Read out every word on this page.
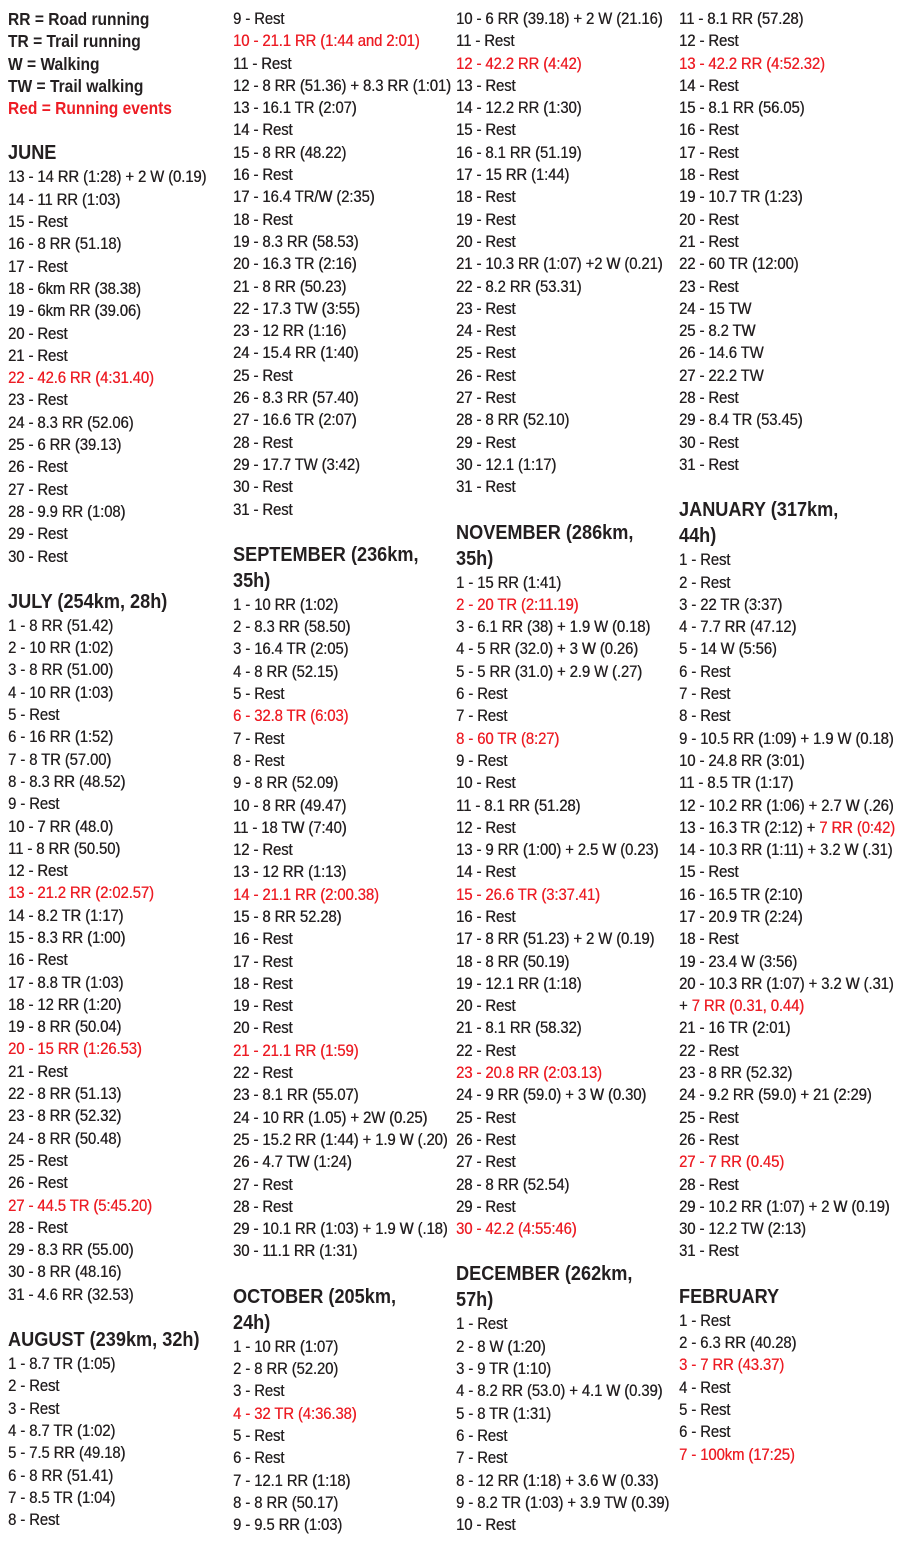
RR = Road running
TR = Trail running
W = Walking
TW = Trail walking
Red = Running events
JUNE
13 - 14 RR (1:28) + 2 W (0.19)
14 - 11 RR (1:03)
15 - Rest
16 - 8 RR (51.18)
17 - Rest
18 - 6km RR (38.38)
19 - 6km RR (39.06)
20 - Rest
21 - Rest
22 - 42.6 RR (4:31.40)
23 - Rest
24 - 8.3 RR (52.06)
25 - 6 RR (39.13)
26 - Rest
27 - Rest
28 - 9.9 RR (1:08)
29 - Rest
30 - Rest
JULY (254km, 28h)
1 - 8 RR (51.42)
2 - 10 RR (1:02)
3 - 8 RR (51.00)
4 - 10 RR (1:03)
5 - Rest
6 - 16 RR (1:52)
7 - 8 TR (57.00)
8 - 8.3 RR (48.52)
9 - Rest
10 - 7 RR (48.0)
11 - 8 RR (50.50)
12 - Rest
13 - 21.2 RR (2:02.57)
14 - 8.2 TR (1:17)
15 - 8.3 RR (1:00)
16 - Rest
17 - 8.8 TR (1:03)
18 - 12 RR (1:20)
19 - 8 RR (50.04)
20 - 15 RR (1:26.53)
21 - Rest
22 - 8 RR (51.13)
23 - 8 RR (52.32)
24 - 8 RR (50.48)
25 - Rest
26 - Rest
27 - 44.5 TR (5:45.20)
28 - Rest
29 - 8.3 RR (55.00)
30 - 8 RR (48.16)
31 - 4.6 RR (32.53)
AUGUST (239km, 32h)
1 - 8.7 TR (1:05)
2 - Rest
3 - Rest
4 - 8.7 TR (1:02)
5 - 7.5 RR (49.18)
6 - 8 RR (51.41)
7 - 8.5 TR (1:04)
8 - Rest
9 - Rest
10 - 21.1 RR (1:44 and 2:01)
11 - Rest
12 - 8 RR (51.36) + 8.3 RR (1:01)
13 - 16.1 TR (2:07)
14 - Rest
15 - 8 RR (48.22)
16 - Rest
17 - 16.4 TR/W (2:35)
18 - Rest
19 - 8.3 RR (58.53)
20 - 16.3 TR (2:16)
21 - 8 RR (50.23)
22 - 17.3 TW (3:55)
23 - 12 RR (1:16)
24 - 15.4 RR (1:40)
25 - Rest
26 - 8.3 RR (57.40)
27 - 16.6 TR (2:07)
28 - Rest
29 - 17.7 TW (3:42)
30 - Rest
31 - Rest
SEPTEMBER (236km,
35h)
1 - 10 RR (1:02)
2 - 8.3 RR (58.50)
3 - 16.4 TR (2:05)
4 - 8 RR (52.15)
5 - Rest
6 - 32.8 TR (6:03)
7 - Rest
8 - Rest
9 - 8 RR (52.09)
10 - 8 RR (49.47)
11 - 18 TW (7:40)
12 - Rest
13 - 12 RR (1:13)
14 - 21.1 RR (2:00.38)
15 - 8 RR 52.28)
16 - Rest
17 - Rest
18 - Rest
19 - Rest
20 - Rest
21 - 21.1 RR (1:59)
22 - Rest
23 - 8.1 RR (55.07)
24 - 10 RR (1.05) + 2W (0.25)
25 - 15.2 RR (1:44) + 1.9 W (.20)
26 - 4.7 TW (1:24)
27 - Rest
28 - Rest
29 - 10.1 RR (1:03) + 1.9 W (.18)
30 - 11.1 RR (1:31)
OCTOBER (205km,
24h)
1 - 10 RR (1:07)
2 - 8 RR (52.20)
3 - Rest
4 - 32 TR (4:36.38)
5 - Rest
6 - Rest
7 - 12.1 RR (1:18)
8 - 8 RR (50.17)
9 - 9.5 RR (1:03)
10 - 6 RR (39.18) + 2 W (21.16)
11 - Rest
12 - 42.2 RR (4:42)
13 - Rest
14 - 12.2 RR (1:30)
15 - Rest
16 - 8.1 RR (51.19)
17 - 15 RR (1:44)
18 - Rest
19 - Rest
20 - Rest
21 - 10.3 RR (1:07) +2 W (0.21)
22 - 8.2 RR (53.31)
23 - Rest
24 - Rest
25 - Rest
26 - Rest
27 - Rest
28 - 8 RR (52.10)
29 - Rest
30 - 12.1 (1:17)
31 - Rest
NOVEMBER (286km,
35h)
1 - 15 RR (1:41)
2 - 20 TR (2:11.19)
3 - 6.1 RR (38) + 1.9 W (0.18)
4 - 5 RR (32.0) + 3 W (0.26)
5 - 5 RR (31.0) + 2.9 W (.27)
6 - Rest
7 - Rest
8 - 60 TR (8:27)
9 - Rest
10 - Rest
11 - 8.1 RR (51.28)
12 - Rest
13 - 9 RR (1:00) + 2.5 W (0.23)
14 - Rest
15 - 26.6 TR (3:37.41)
16 - Rest
17 - 8 RR (51.23) + 2 W (0.19)
18 - 8 RR (50.19)
19 - 12.1 RR (1:18)
20 - Rest
21 - 8.1 RR (58.32)
22 - Rest
23 - 20.8 RR (2:03.13)
24 - 9 RR (59.0) + 3 W (0.30)
25 - Rest
26 - Rest
27 - Rest
28 - 8 RR (52.54)
29 - Rest
30 - 42.2 (4:55:46)
DECEMBER (262km,
57h)
1 - Rest
2 - 8 W (1:20)
3 - 9 TR (1:10)
4 - 8.2 RR (53.0) + 4.1 W (0.39)
5 - 8 TR (1:31)
6 - Rest
7 - Rest
8 - 12 RR (1:18) + 3.6 W (0.33)
9 - 8.2 TR (1:03) + 3.9 TW (0.39)
10 - Rest
11 - 8.1 RR (57.28)
12 - Rest
13 - 42.2 RR (4:52.32)
14 - Rest
15 - 8.1 RR (56.05)
16 - Rest
17 - Rest
18 - Rest
19 - 10.7 TR (1:23)
20 - Rest
21 - Rest
22 - 60 TR (12:00)
23 - Rest
24 - 15 TW
25 - 8.2 TW
26 - 14.6 TW
27 - 22.2 TW
28 - Rest
29 - 8.4 TR (53.45)
30 - Rest
31 - Rest
JANUARY (317km,
44h)
1 - Rest
2 - Rest
3 - 22 TR (3:37)
4 - 7.7 RR (47.12)
5 - 14 W (5:56)
6 - Rest
7 - Rest
8 - Rest
9 - 10.5 RR (1:09) + 1.9 W (0.18)
10 - 24.8 RR (3:01)
11 - 8.5 TR (1:17)
12 - 10.2 RR (1:06) + 2.7 W (.26)
13 - 16.3 TR (2:12) + 7 RR (0:42)
14 - 10.3 RR (1:11) + 3.2 W (.31)
15 - Rest
16 - 16.5 TR (2:10)
17 - 20.9 TR (2:24)
18 - Rest
19 - 23.4 W (3:56)
20 - 10.3 RR (1:07) + 3.2 W (.31)
+ 7 RR (0.31, 0.44)
21 - 16 TR (2:01)
22 - Rest
23 - 8 RR (52.32)
24 - 9.2 RR (59.0) + 21 (2:29)
25 - Rest
26 - Rest
27 - 7 RR (0.45)
28 - Rest
29 - 10.2 RR (1:07) + 2 W (0.19)
30 - 12.2 TW (2:13)
31 - Rest
FEBRUARY
1 - Rest
2 - 6.3 RR (40.28)
3 - 7 RR (43.37)
4 - Rest
5 - Rest
6 - Rest
7 - 100km (17:25)
